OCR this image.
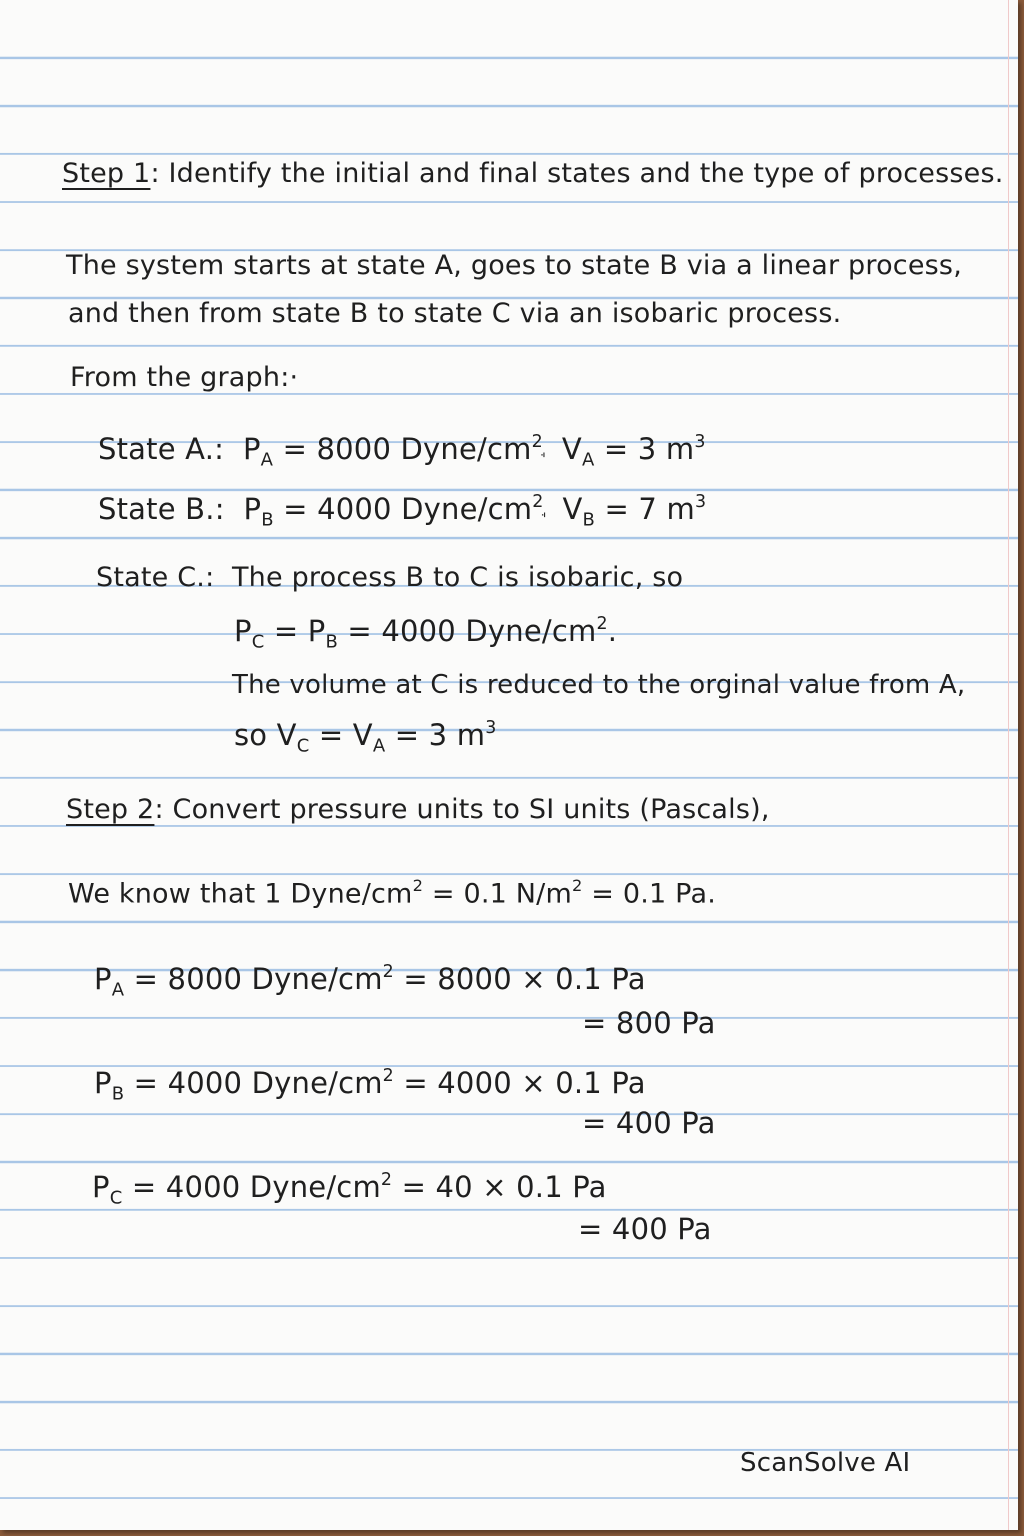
Step 1: Identify the initial and final states and the type of processes.

The system starts at state A, goes to state B via a linear process,

and then from state B to state C via an isobaric process.

From the graph:·

State A.: $P_A = 8000$ Dyne/$cm^2_ꜗ$ $V_A = 3$ $m^3$

State B.: $P_B = 4000$ Dyne/$cm^2_ꜗ$ $V_B = 7$ $m^3$

State C.: The process B to C is isobaric, so

$P_C = P_B = 4000$ Dyne/$cm^2$.

The volume at C is reduced to the orginal value from A,

so $V_C = V_A = 3$ $m^3$

Step 2: Convert pressure units to SI units (Pascals),

We know that 1 Dyne/$cm^2 = 0.1$ $N/m^2 = 0.1$ Pa.

$P_A = 8000$ Dyne/$cm^2 = 8000 \times 0.1$ Pa

= 800 Pa

$P_B = 4000$ Dyne/$cm^2 = 4000 \times 0.1$ Pa

= 400 Pa

$P_C = 4000$ Dyne/$cm^2 = 40 \times 0.1$ Pa

= 400 Pa

ScanSolve AI
